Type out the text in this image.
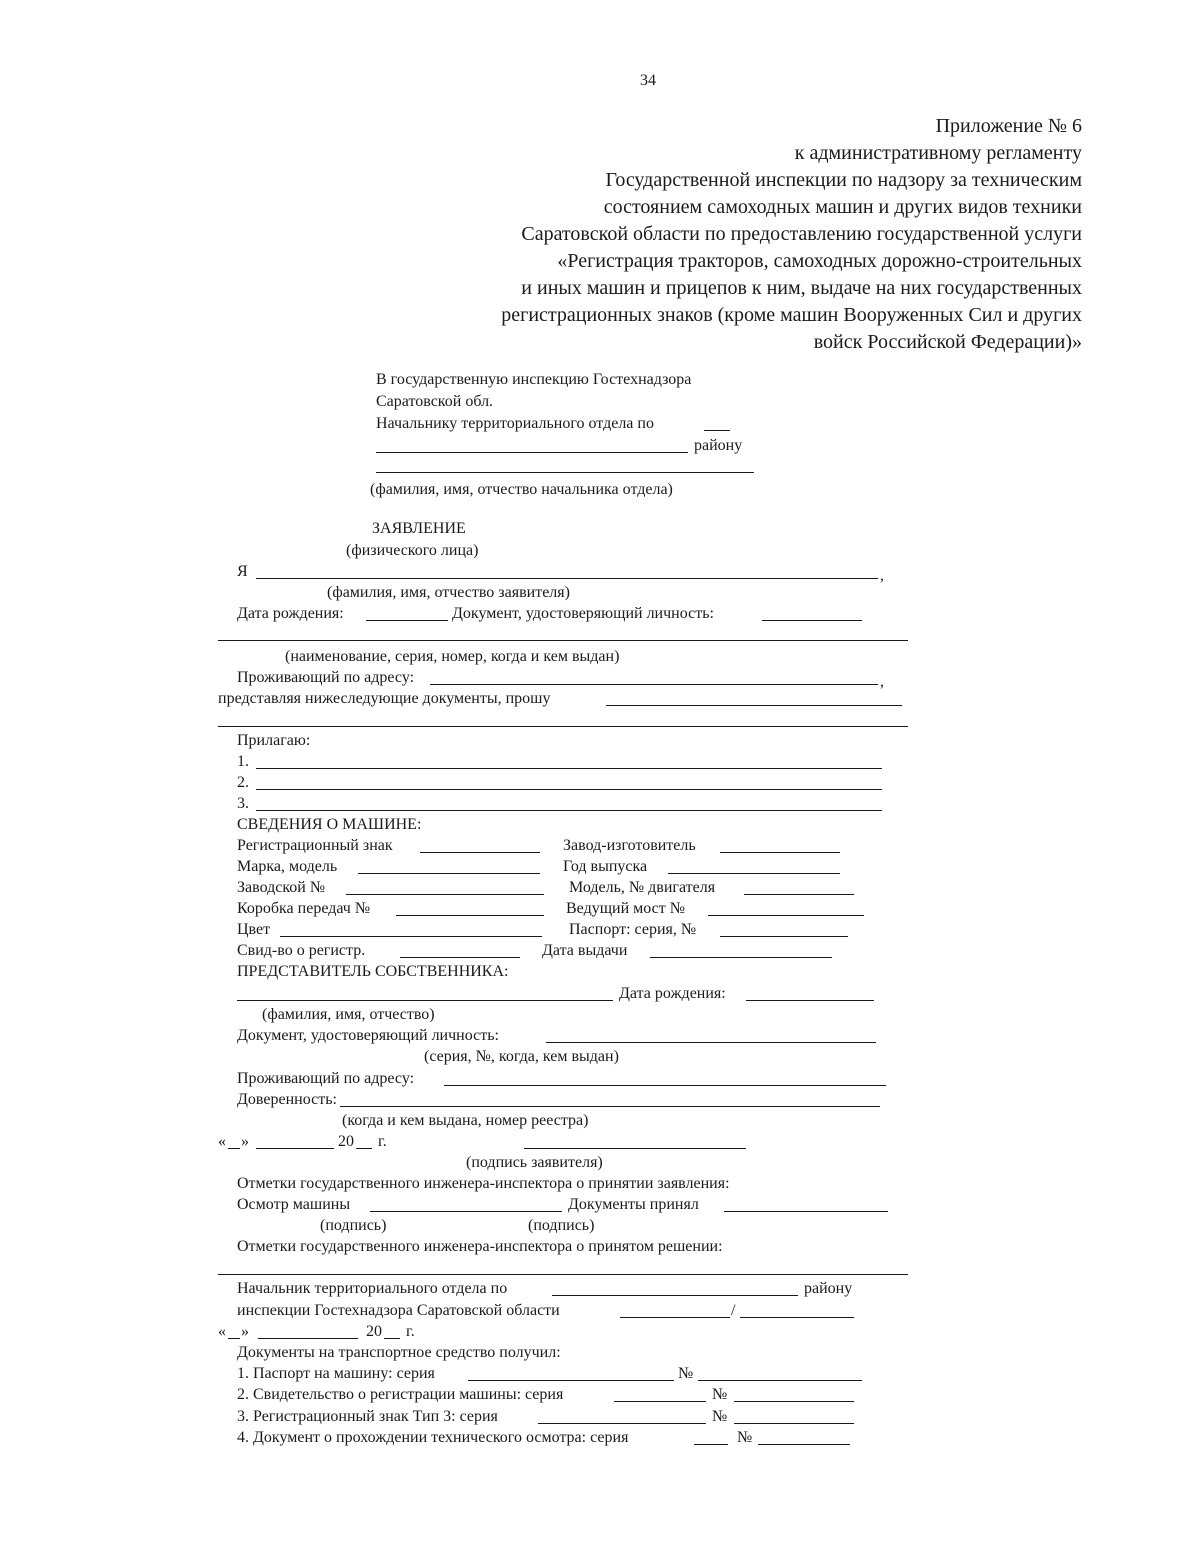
34
Приложение № 6
к административному регламенту
Государственной инспекции по надзору за техническим
состоянием самоходных машин и других видов техники
Саратовской области по предоставлению государственной услуги
«Регистрация тракторов, самоходных дорожно-строительных
и иных машин и прицепов к ним, выдаче на них государственных
регистрационных знаков (кроме машин Вооруженных Сил и других
войск Российской Федерации)»
В государственную инспекцию Гостехнадзора
Саратовской обл.
Начальнику территориального отдела по
району
(фамилия, имя, отчество начальника отдела)
ЗАЯВЛЕНИЕ
(физического лица)
Я	,
(фамилия, имя, отчество заявителя)
Дата рождения:	Документ, удостоверяющий личность:
(наименование, серия, номер, когда и кем выдан)
Проживающий по адресу:	,
представляя нижеследующие документы, прошу
Прилагаю:
1.
2.
3.
СВЕДЕНИЯ О МАШИНЕ:
Регистрационный знак	Завод-изготовитель
Марка, модель	Год выпуска
Заводской №	Модель, № двигателя
Коробка передач №	Ведущий мост №
Цвет	Паспорт: серия, №
Свид-во о регистр.	Дата выдачи
ПРЕДСТАВИТЕЛЬ СОБСТВЕННИКА:
Дата рождения:
(фамилия, имя, отчество)
Документ, удостоверяющий личность:
(серия, №, когда, кем выдан)
Проживающий по адресу:
Доверенность:
(когда и кем выдана, номер реестра)
« »	20 г.
(подпись заявителя)
Отметки государственного инженера-инспектора о принятии заявления:
Осмотр машины	Документы принял
(подпись)	(подпись)
Отметки государственного инженера-инспектора о принятом решении:
Начальник территориального отдела по	району
инспекции Гостехнадзора Саратовской области	/
« »	20 г.
Документы на транспортное средство получил:
1. Паспорт на машину: серия	№
2. Свидетельство о регистрации машины: серия	№
3. Регистрационный знак Тип 3: серия	№
4. Документ о прохождении технического осмотра: серия	№
